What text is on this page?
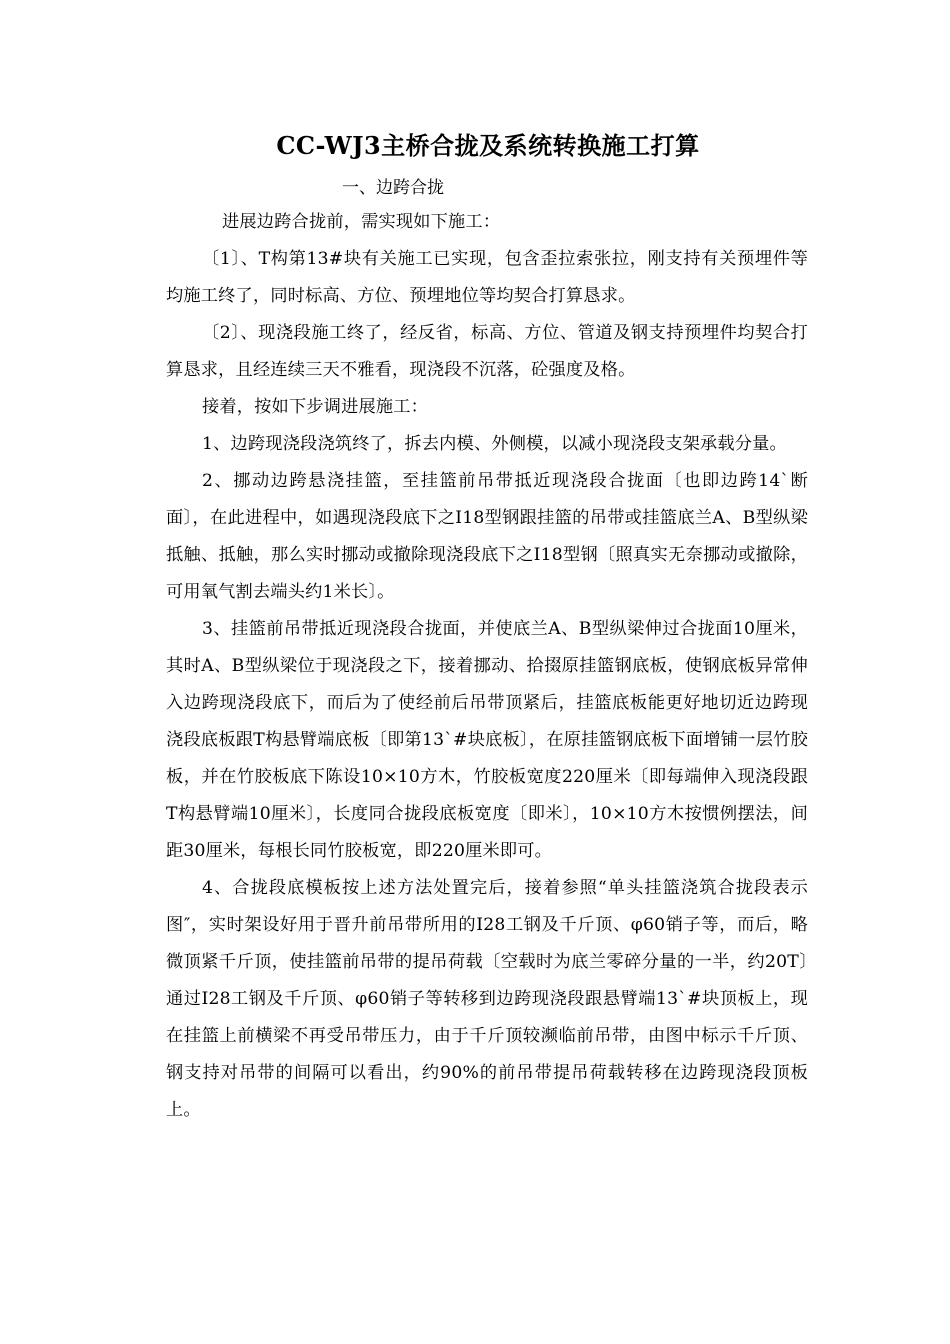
CC-WJ3主桥合拢及系统转换施工打算
一、边跨合拢

进展边跨合拢前，需实现如下施工：

〔1〕、T构第13#块有关施工已实现，包含歪拉索张拉，刚支持有关预埋件等均施工终了，同时标高、方位、预埋地位等均契合打算恳求。

〔2〕、现浇段施工终了，经反省，标高、方位、管道及钢支持预埋件均契合打算恳求，且经连续三天不雅看，现浇段不沉落，砼强度及格。

接着，按如下步调进展施工：

1、边跨现浇段浇筑终了，拆去内模、外侧模，以减小现浇段支架承载分量。

2、挪动边跨悬浇挂篮，至挂篮前吊带抵近现浇段合拢面〔也即边跨14`断面〕，在此进程中，如遇现浇段底下之I18型钢跟挂篮的吊带或挂篮底兰A、B型纵梁抵触、抵触，那么实时挪动或撤除现浇段底下之I18型钢〔照真实无奈挪动或撤除，可用氧气割去端头约1米长〕。

3、挂篮前吊带抵近现浇段合拢面，并使底兰A、B型纵梁伸过合拢面10厘米，其时A、B型纵梁位于现浇段之下，接着挪动、拾掇原挂篮钢底板，使钢底板异常伸入边跨现浇段底下，而后为了使经前后吊带顶紧后，挂篮底板能更好地切近边跨现浇段底板跟T构悬臂端底板〔即第13`#块底板〕，在原挂篮钢底板下面增铺一层竹胶板，并在竹胶板底下陈设10×10方木，竹胶板宽度220厘米〔即每端伸入现浇段跟T构悬臂端10厘米〕，长度同合拢段底板宽度〔即米〕，10×10方木按惯例摆法，间距30厘米，每根长同竹胶板宽，即220厘米即可。

4、合拢段底模板按上述方法处置完后，接着参照“单头挂篮浇筑合拢段表示图″，实时架设好用于晋升前吊带所用的I28工钢及千斤顶、φ60销子等，而后，略微顶紧千斤顶，使挂篮前吊带的提吊荷载〔空载时为底兰零碎分量的一半，约20T〕通过I28工钢及千斤顶、φ60销子等转移到边跨现浇段跟悬臂端13`#块顶板上，现在挂篮上前横梁不再受吊带压力，由于千斤顶较濒临前吊带，由图中标示千斤顶、钢支持对吊带的间隔可以看出，约90%的前吊带提吊荷载转移在边跨现浇段顶板上。
